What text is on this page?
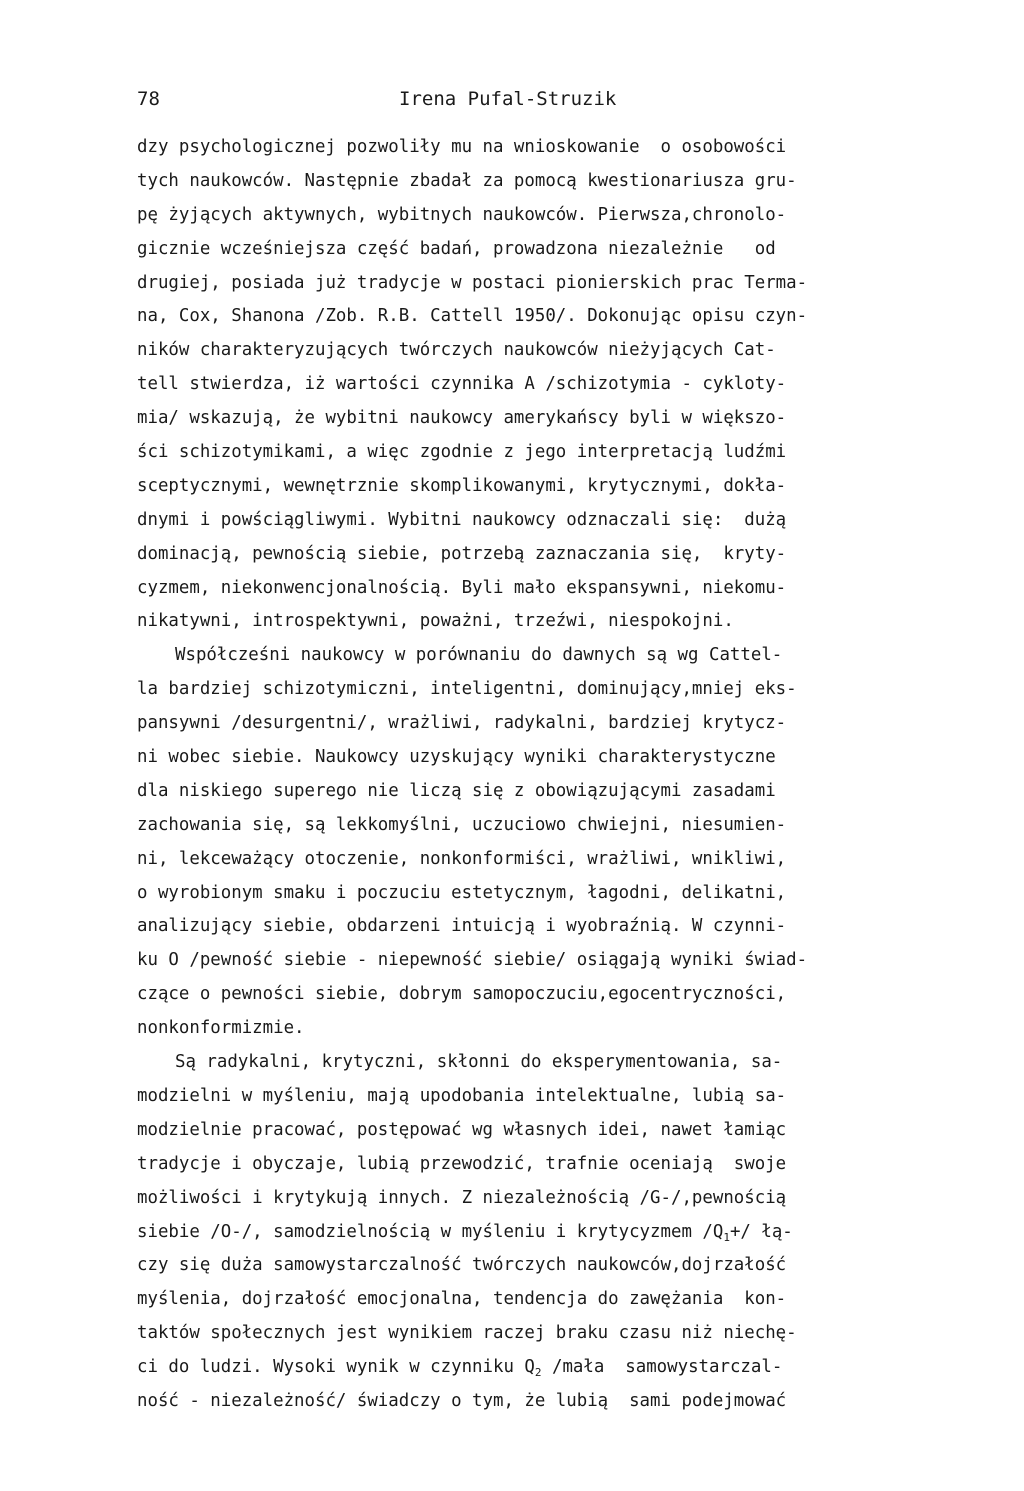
78	Irena Pufal-Struzik
dzy psychologicznej pozwoliły mu na wnioskowanie  o osobowości
tych naukowców. Następnie zbadał za pomocą kwestionariusza gru-
pę żyjących aktywnych, wybitnych naukowców. Pierwsza,chronolo-
gicznie wcześniejsza część badań, prowadzona niezależnie   od
drugiej, posiada już tradycje w postaci pionierskich prac Terma-
na, Cox, Shanona /Zob. R.B. Cattell 1950/. Dokonując opisu czyn-
ników charakteryzujących twórczych naukowców nieżyjących Cat-
tell stwierdza, iż wartości czynnika A /schizotymia - cykloty-
mia/ wskazują, że wybitni naukowcy amerykańscy byli w większo-
ści schizotymikami, a więc zgodnie z jego interpretacją ludźmi
sceptycznymi, wewnętrznie skomplikowanymi, krytycznymi, dokła-
dnymi i powściągliwymi. Wybitni naukowcy odznaczali się:  dużą
dominacją, pewnością siebie, potrzebą zaznaczania się,  kryty-
cyzmem, niekonwencjonalnością. Byli mało ekspansywni, niekomu-
nikatywni, introspektywni, poważni, trzeźwi, niespokojni.
Współcześni naukowcy w porównaniu do dawnych są wg Cattel-
la bardziej schizotymiczni, inteligentni, dominujący,mniej eks-
pansywni /desurgentni/, wrażliwi, radykalni, bardziej krytycz-
ni wobec siebie. Naukowcy uzyskujący wyniki charakterystyczne
dla niskiego superego nie liczą się z obowiązującymi zasadami
zachowania się, są lekkomyślni, uczuciowo chwiejni, niesumien-
ni, lekceważący otoczenie, nonkonformiści, wrażliwi, wnikliwi,
o wyrobionym smaku i poczuciu estetycznym, łagodni, delikatni,
analizujący siebie, obdarzeni intuicją i wyobraźnią. W czynni-
ku O /pewność siebie - niepewność siebie/ osiągają wyniki świad-
czące o pewności siebie, dobrym samopoczuciu,egocentryczności,
nonkonformizmie.
Są radykalni, krytyczni, skłonni do eksperymentowania, sa-
modzielni w myśleniu, mają upodobania intelektualne, lubią sa-
modzielnie pracować, postępować wg własnych idei, nawet łamiąc
tradycje i obyczaje, lubią przewodzić, trafnie oceniają  swoje
możliwości i krytykują innych. Z niezależnością /G-/,pewnością
siebie /O-/, samodzielnością w myśleniu i krytycyzmem $/Q_1+/$ łą-
czy się duża samowystarczalność twórczych naukowców,dojrzałość
myślenia, dojrzałość emocjonalna, tendencja do zawężania  kon-
taktów społecznych jest wynikiem raczej braku czasu niż niechę-
ci do ludzi. Wysoki wynik w czynniku $Q_2$ /mała  samowystarczal-
ność - niezależność/ świadczy o tym, że lubią  sami podejmować
